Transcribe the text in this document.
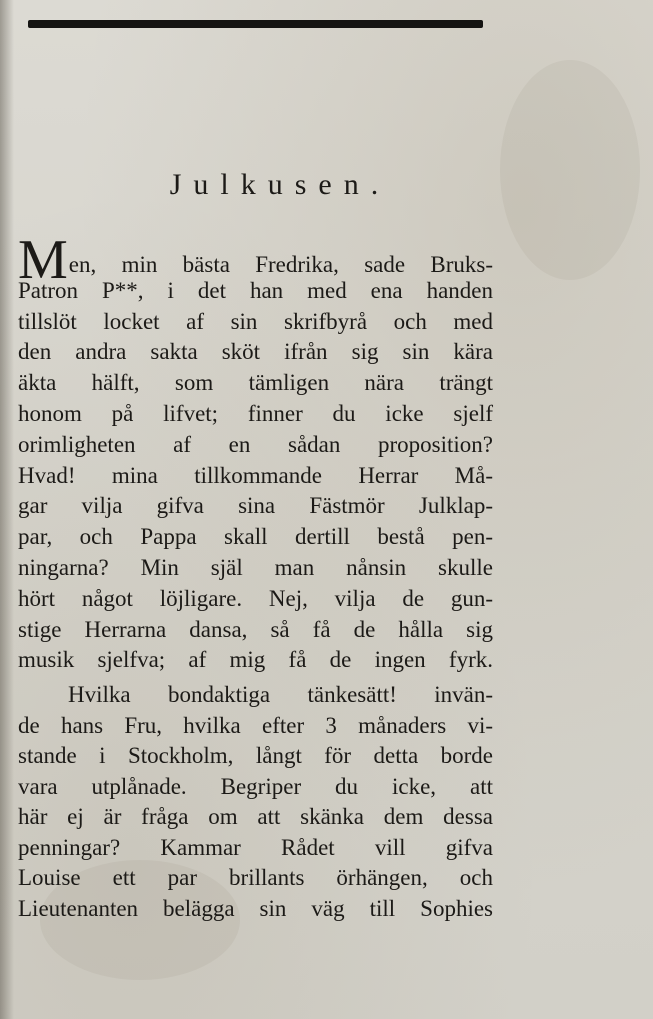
Julkusen.
Men, min bästa Fredrika, sade Bruks-
Patron P**, i det han med ena handen
tillslöt locket af sin skrifbyrå och med
den andra sakta sköt ifrån sig sin kära
äkta hälft, som tämligen nära trängt
honom på lifvet; finner du icke sjelf
orimligheten af en sådan proposition?
Hvad! mina tillkommande Herrar Må-
gar vilja gifva sina Fästmör Julklap-
par, och Pappa skall dertill bestå pen-
ningarna? Min själ man nånsin skulle
hört något löjligare. Nej, vilja de gun-
stige Herrarna dansa, så få de hålla sig
musik sjelfva; af mig få de ingen fyrk.
Hvilka bondaktiga tänkesätt! invän-
de hans Fru, hvilka efter 3 månaders vi-
standе i Stockholm, långt för detta borde
vara utplånade. Begriper du icke, att
här ej är fråga om att skänka dem dessa
penningar? Kammar Rådet vill gifva
Louise ett par brillants örhängen, och
Lieutenanten belägga sin väg till Sophies
